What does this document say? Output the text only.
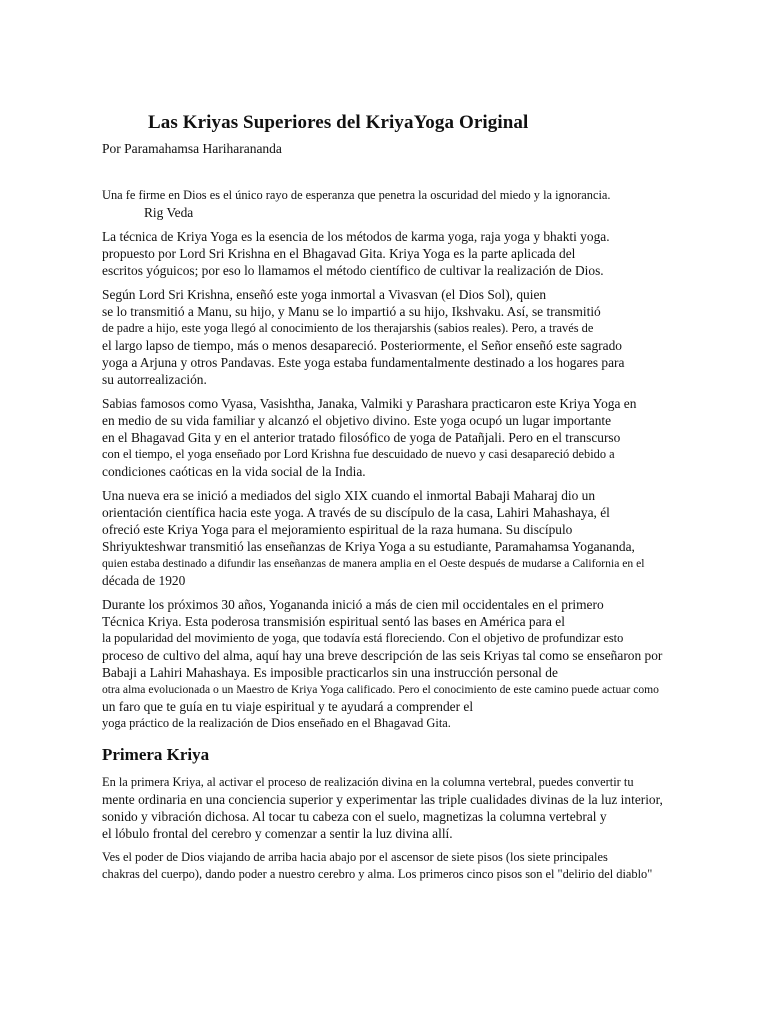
Las Kriyas Superiores del KriyaYoga Original

Por Paramahamsa Hariharananda

Una fe firme en Dios es el único rayo de esperanza que penetra la oscuridad del miedo y la ignorancia.
Rig Veda

La técnica de Kriya Yoga es la esencia de los métodos de karma yoga, raja yoga y bhakti yoga.
propuesto por Lord Sri Krishna en el Bhagavad Gita. Kriya Yoga es la parte aplicada del
escritos yóguicos; por eso lo llamamos el método científico de cultivar la realización de Dios.

Según Lord Sri Krishna, enseñó este yoga inmortal a Vivasvan (el Dios Sol), quien
se lo transmitió a Manu, su hijo, y Manu se lo impartió a su hijo, Ikshvaku. Así, se transmitió
de padre a hijo, este yoga llegó al conocimiento de los therajarshis (sabios reales). Pero, a través de
el largo lapso de tiempo, más o menos desapareció. Posteriormente, el Señor enseñó este sagrado
yoga a Arjuna y otros Pandavas. Este yoga estaba fundamentalmente destinado a los hogares para
su autorrealización.

Sabias famosos como Vyasa, Vasishtha, Janaka, Valmiki y Parashara practicaron este Kriya Yoga en
en medio de su vida familiar y alcanzó el objetivo divino. Este yoga ocupó un lugar importante
en el Bhagavad Gita y en el anterior tratado filosófico de yoga de Patañjali. Pero en el transcurso
con el tiempo, el yoga enseñado por Lord Krishna fue descuidado de nuevo y casi desapareció debido a
condiciones caóticas en la vida social de la India.

Una nueva era se inició a mediados del siglo XIX cuando el inmortal Babaji Maharaj dio un
orientación científica hacia este yoga. A través de su discípulo de la casa, Lahiri Mahashaya, él
ofreció este Kriya Yoga para el mejoramiento espiritual de la raza humana. Su discípulo
Shriyukteshwar transmitió las enseñanzas de Kriya Yoga a su estudiante, Paramahamsa Yogananda,
quien estaba destinado a difundir las enseñanzas de manera amplia en el Oeste después de mudarse a California en el
década de 1920

Durante los próximos 30 años, Yogananda inició a más de cien mil occidentales en el primero
Técnica Kriya. Esta poderosa transmisión espiritual sentó las bases en América para el
la popularidad del movimiento de yoga, que todavía está floreciendo. Con el objetivo de profundizar esto
proceso de cultivo del alma, aquí hay una breve descripción de las seis Kriyas tal como se enseñaron por
Babaji a Lahiri Mahashaya. Es imposible practicarlos sin una instrucción personal de
otra alma evolucionada o un Maestro de Kriya Yoga calificado. Pero el conocimiento de este camino puede actuar como
un faro que te guía en tu viaje espiritual y te ayudará a comprender el
yoga práctico de la realización de Dios enseñado en el Bhagavad Gita.

Primera Kriya

En la primera Kriya, al activar el proceso de realización divina en la columna vertebral, puedes convertir tu
mente ordinaria en una conciencia superior y experimentar las triple cualidades divinas de la luz interior,
sonido y vibración dichosa. Al tocar tu cabeza con el suelo, magnetizas la columna vertebral y
el lóbulo frontal del cerebro y comenzar a sentir la luz divina allí.

Ves el poder de Dios viajando de arriba hacia abajo por el ascensor de siete pisos (los siete principales
chakras del cuerpo), dando poder a nuestro cerebro y alma. Los primeros cinco pisos son el "delirio del diablo"
